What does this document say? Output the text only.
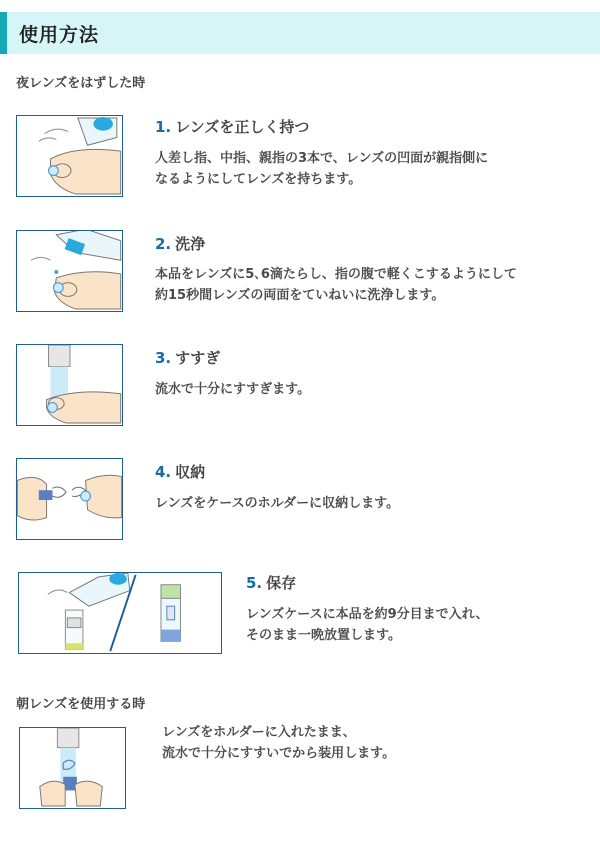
使用方法
夜レンズをはずした時
1. レンズを正しく持つ
人差し指、中指、親指の3本で、レンズの凹面が親指側に
なるようにしてレンズを持ちます。
2. 洗浄
本品をレンズに5､6滴たらし、指の腹で軽くこするようにして
約15秒間レンズの両面をていねいに洗浄します。
3. すすぎ
流水で十分にすすぎます。
4. 収納
レンズをケースのホルダーに収納します。
5. 保存
レンズケースに本品を約9分目まで入れ、
そのまま一晩放置します。
朝レンズを使用する時
レンズをホルダーに入れたまま、
流水で十分にすすいでから装用します。
